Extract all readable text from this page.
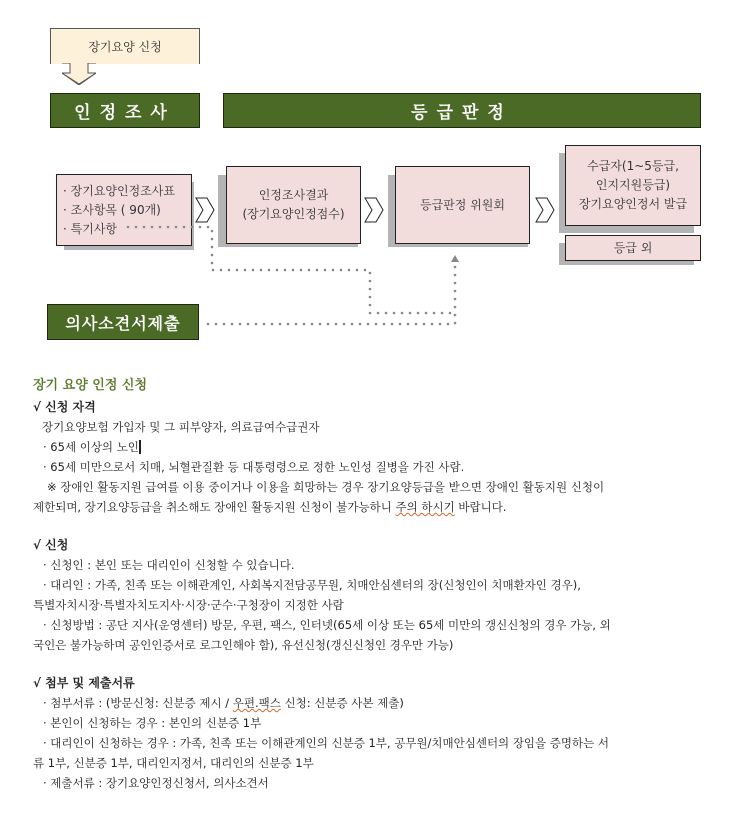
장기요양 신청
인정조사	등급판정
· 장기요양인정조사표
· 조사항목 ( 90개)
· 특기사항
인정조사결과
(장기요양인정점수)
등급판정 위원회
수급자(1~5등급,
인지지원등급)
장기요양인정서 발급
등급 외
의사소견서제출
장기 요양 인정 신청
√ 신청 자격
장기요양보험 가입자 및 그 피부양자, 의료급여수급권자
· 65세 이상의 노인
· 65세 미만으로서 치매, 뇌혈관질환 등 대통령령으로 정한 노인성 질병을 가진 사람.
※ 장애인 활동지원 급여를 이용 중이거나 이용을 희망하는 경우 장기요양등급을 받으면 장애인 활동지원 신청이
제한되며, 장기요양등급을 취소해도 장애인 활동지원 신청이 불가능하니 주의 하시기 바랍니다.
√ 신청
· 신청인 : 본인 또는 대리인이 신청할 수 있습니다.
· 대리인 : 가족, 친족 또는 이해관계인, 사회복지전담공무원, 치매안심센터의 장(신청인이 치매환자인 경우),
특별자치시장·특별자치도지사·시장·군수·구청장이 지정한 사람
· 신청방법 : 공단 지사(운영센터) 방문, 우편, 팩스, 인터넷(65세 이상 또는 65세 미만의 갱신신청의 경우 가능, 외
국인은 불가능하며 공인인증서로 로그인해야 함), 유선신청(갱신신청인 경우만 가능)
√ 첨부 및 제출서류
· 첨부서류 : (방문신청: 신분증 제시 / 우편.팩스 신청: 신분증 사본 제출)
· 본인이 신청하는 경우 : 본인의 신분증 1부
· 대리인이 신청하는 경우 : 가족, 친족 또는 이해관계인의 신분증 1부, 공무원/치매안심센터의 장임을 증명하는 서
류 1부, 신분증 1부, 대리인지정서, 대리인의 신분증 1부
· 제출서류 : 장기요양인정신청서, 의사소견서
